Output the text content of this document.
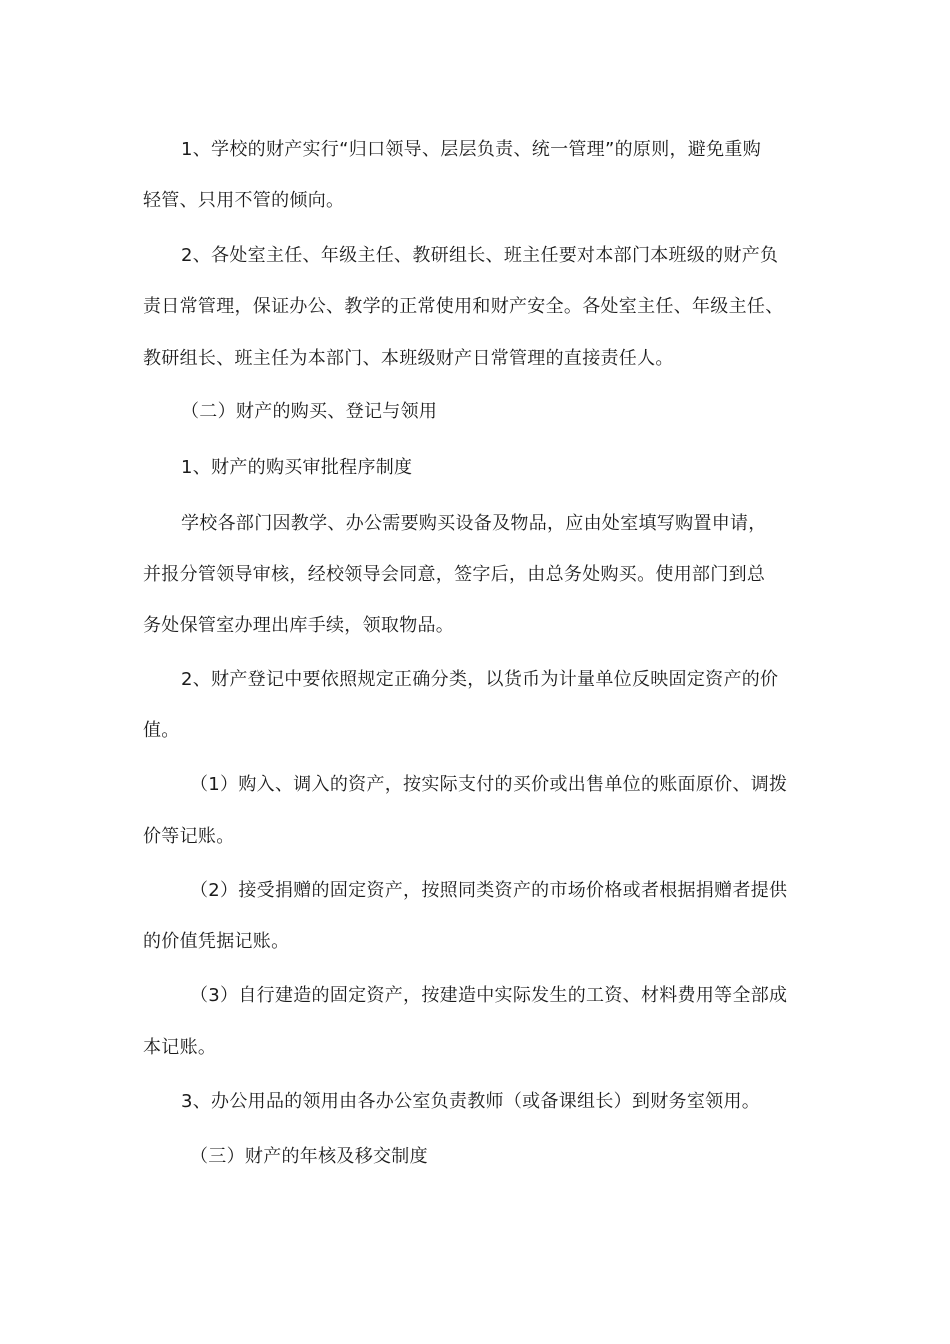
1、学校的财产实行“归口领导、层层负责、统一管理”的原则，避免重购
轻管、只用不管的倾向。
2、各处室主任、年级主任、教研组长、班主任要对本部门本班级的财产负
责日常管理，保证办公、教学的正常使用和财产安全。各处室主任、年级主任、
教研组长、班主任为本部门、本班级财产日常管理的直接责任人。
（二）财产的购买、登记与领用
1、财产的购买审批程序制度
学校各部门因教学、办公需要购买设备及物品，应由处室填写购置申请，
并报分管领导审核，经校领导会同意，签字后，由总务处购买。使用部门到总
务处保管室办理出库手续，领取物品。
2、财产登记中要依照规定正确分类，以货币为计量单位反映固定资产的价
值。
（1）购入、调入的资产，按实际支付的买价或出售单位的账面原价、调拨
价等记账。
（2）接受捐赠的固定资产，按照同类资产的市场价格或者根据捐赠者提供
的价值凭据记账。
（3）自行建造的固定资产，按建造中实际发生的工资、材料费用等全部成
本记账。
3、办公用品的领用由各办公室负责教师（或备课组长）到财务室领用。
（三）财产的年核及移交制度
